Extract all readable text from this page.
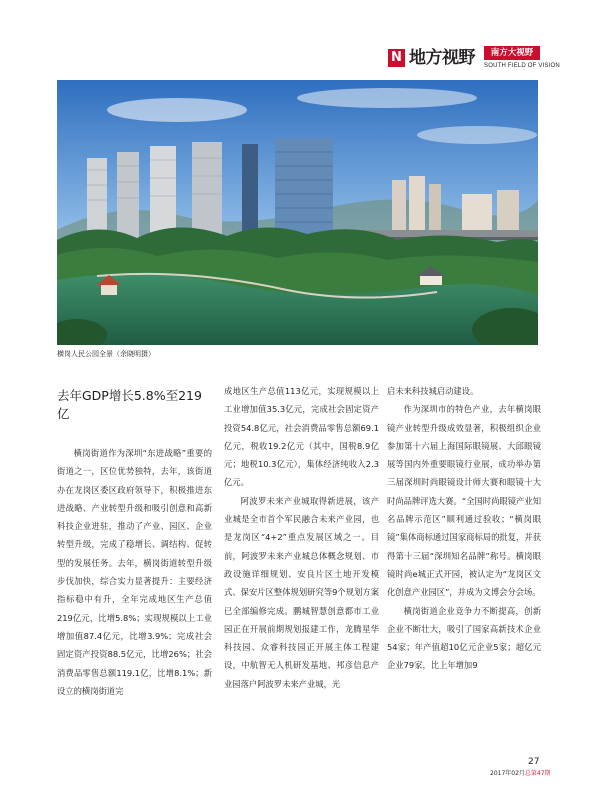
N 地方视野	南方大视野
SOUTH FIELD OF VISION
横岗人民公园全景（余晓明摄）
去年GDP增长5.8%至219亿

横岗街道作为深圳“东进战略”重要的街道之一，区位优势独特，去年，该街道办在龙岗区委区政府领导下，积极推进东进战略、产业转型升级和吸引创意和高新科技企业进驻，推动了产业、园区、企业转型升级，完成了稳增长、调结构、促转型的发展任务。去年，横岗街道转型升级步伐加快，综合实力显著提升：主要经济指标稳中有升，全年完成地区生产总值219亿元，比增5.8%；实现规模以上工业增加值87.4亿元，比增3.9%；完成社会固定资产投资88.5亿元，比增26%；社会消费品零售总额119.1亿，比增8.1%；新设立的横岗街道完

成地区生产总值113亿元，实现规模以上工业增加值35.3亿元，完成社会固定资产投资54.8亿元，社会消费品零售总额69.1亿元，税收19.2亿元（其中，国税8.9亿元；地税10.3亿元），集体经济纯收入2.3亿元。

阿波罗未来产业城取得新进展，该产业城是全市首个军民融合未来产业园，也是龙岗区“4+2”重点发展区域之一。目前，阿波罗未来产业城总体概念规划、市政设施详细规划、安良片区土地开发模式、保安片区整体规划研究等9个规划方案已全部编修完成。鹏城智慧创意都市工业园正在开展前期规划报建工作，龙腾星华科技园、众睿科技园正开展主体工程建设，中航智无人机研发基地、邦彦信息产业园落户阿波罗未来产业城，光

启未来科技城启动建设。

作为深圳市的特色产业，去年横岗眼镜产业转型升级成效显著，积极组织企业参加第十六届上海国际眼镜展、大邱眼镜展等国内外重要眼镜行业展，成功举办第三届深圳时尚眼镜设计师大赛和眼镜十大时尚品牌评选大赛。“全国时尚眼镜产业知名品牌示范区”顺利通过验收；“横岗眼镜”集体商标通过国家商标局的批复，并获得第十三届“深圳知名品牌”称号。横岗眼镜时尚e城正式开园，被认定为“龙岗区文化创意产业园区”，并成为文博会分会场。

横岗街道企业竞争力不断提高，创新企业不断壮大，吸引了国家高新技术企业54家；年产值超10亿元企业5家；超亿元企业79家，比上年增加9

27
2017年02月总第47期
